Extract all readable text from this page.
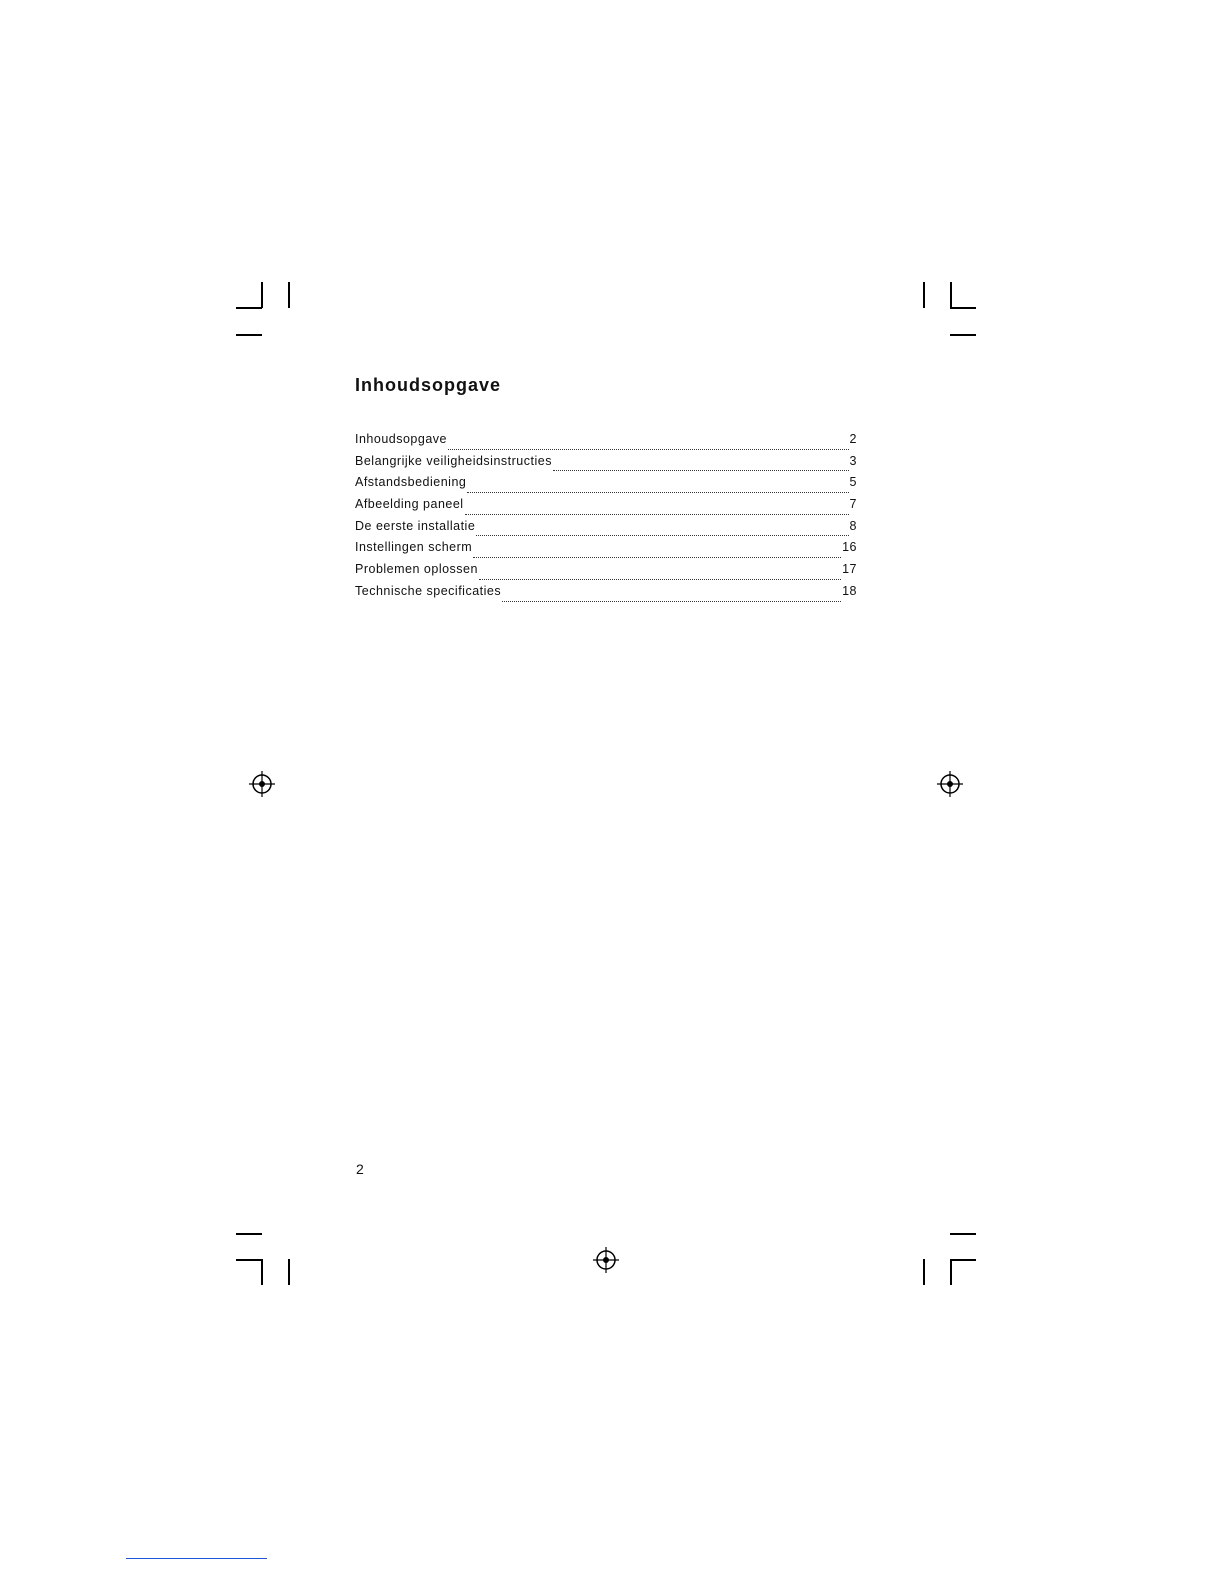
Inhoudsopgave
Inhoudsopgave	2
Belangrijke veiligheidsinstructies	3
Afstandsbediening	5
Afbeelding paneel	7
De eerste installatie	8
Instellingen scherm	16
Problemen oplossen	17
Technische specificaties	18
2
